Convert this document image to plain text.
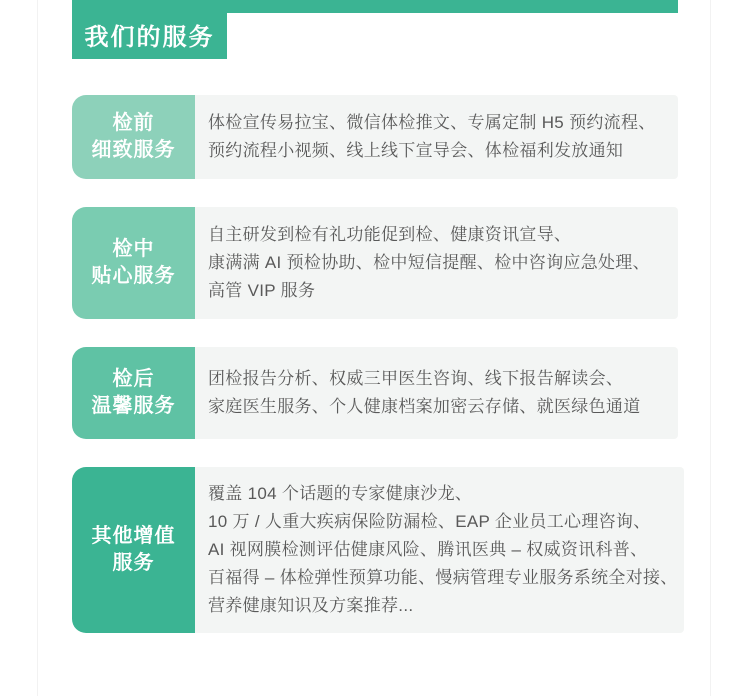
我们的服务
检前
细致服务

体检宣传易拉宝、微信体检推文、专属定制 H5 预约流程、

预约流程小视频、线上线下宣导会、体检福利发放通知

检中
贴心服务

自主研发到检有礼功能促到检、健康资讯宣导、

康满满 AI 预检协助、检中短信提醒、检中咨询应急处理、

高管 VIP 服务

检后
温馨服务

团检报告分析、权威三甲医生咨询、线下报告解读会、

家庭医生服务、个人健康档案加密云存储、就医绿色通道

其他增值
服务

覆盖 104 个话题的专家健康沙龙、

10 万 / 人重大疾病保险防漏检、EAP 企业员工心理咨询、

AI 视网膜检测评估健康风险、腾讯医典 – 权威资讯科普、

百福得 – 体检弹性预算功能、慢病管理专业服务系统全对接、

营养健康知识及方案推荐...
